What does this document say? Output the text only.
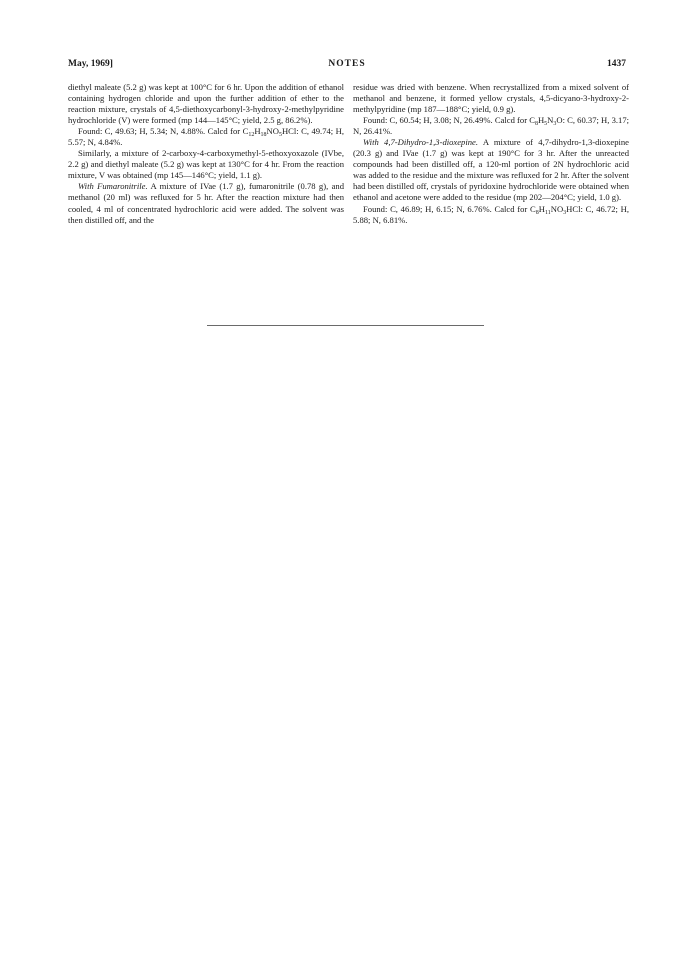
May, 1969]	NOTES	1437

diethyl maleate (5.2 g) was kept at 100°C for 6 hr. Upon the addition of ethanol containing hydrogen chloride and upon the further addition of ether to the reaction mixture, crystals of 4,5-diethoxycarbonyl-3-hydroxy-2-methylpyridine hydrochloride (V) were formed (mp 144—145°C; yield, 2.5 g, 86.2%).

Found: C, 49.63; H, 5.34; N, 4.88%. Calcd for $C_{12}H_{18}NO_5HCl$: C, 49.74; H, 5.57; N, 4.84%.

Similarly, a mixture of 2-carboxy-4-carboxymethyl-5-ethoxyoxazole (IVbe, 2.2 g) and diethyl maleate (5.2 g) was kept at 130°C for 4 hr. From the reaction mixture, V was obtained (mp 145—146°C; yield, 1.1 g).

With Fumaronitrile. A mixture of IVae (1.7 g), fumaronitrile (0.78 g), and methanol (20 ml) was refluxed for 5 hr. After the reaction mixture had then cooled, 4 ml of concentrated hydrochloric acid were added. The solvent was then distilled off, and the

residue was dried with benzene. When recrystallized from a mixed solvent of methanol and benzene, it formed yellow crystals, 4,5-dicyano-3-hydroxy-2-methylpyridine (mp 187—188°C; yield, 0.9 g).

Found: C, 60.54; H, 3.08; N, 26.49%. Calcd for $C_8H_5N_3O$: C, 60.37; H, 3.17; N, 26.41%.

With 4,7-Dihydro-1,3-dioxepine. A mixture of 4,7-dihydro-1,3-dioxepine (20.3 g) and IVae (1.7 g) was kept at 190°C for 3 hr. After the unreacted compounds had been distilled off, a 120-ml portion of 2N hydrochloric acid was added to the residue and the mixture was refluxed for 2 hr. After the solvent had been distilled off, crystals of pyridoxine hydrochloride were obtained when ethanol and acetone were added to the residue (mp 202—204°C; yield, 1.0 g).

Found: C, 46.89; H, 6.15; N, 6.76%. Calcd for $C_8H_{11}NO_3HCl$: C, 46.72; H, 5.88; N, 6.81%.
